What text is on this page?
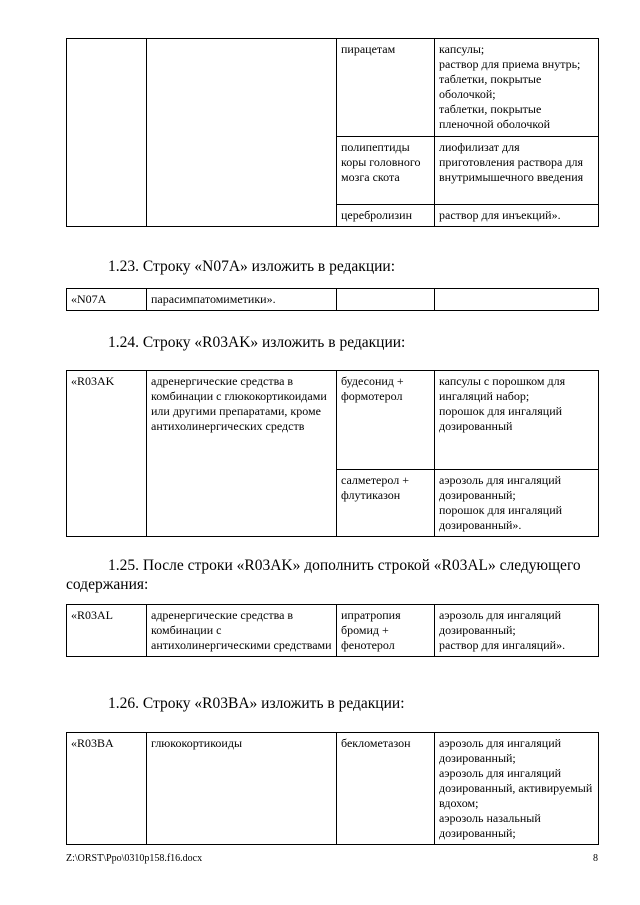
		пирацетам	капсулы;
раствор для приема внутрь;
таблетки, покрытые оболочкой;
таблетки, покрытые пленочной оболочкой
		полипептиды коры головного мозга скота	лиофилизат для приготовления раствора для внутримышечного введения
		церебролизин	раствор для инъекций».

1.23. Строку «N07A» изложить в редакции:

«N07A	парасимпатомиметики».		

1.24. Строку «R03AK» изложить в редакции:

«R03AK	адренергические средства в комбинации с глюкокортикоидами или другими препаратами, кроме антихолинергических средств	будесонид + формотерол	капсулы с порошком для ингаляций набор;
порошок для ингаляций дозированный
		салметерол + флутиказон	аэрозоль для ингаляций дозированный;
порошок для ингаляций дозированный».

1.25. После строки «R03AK» дополнить строкой «R03AL» следующего содержания:

«R03AL	адренергические средства в комбинации с антихолинергическими средствами	ипратропия бромид + фенотерол	аэрозоль для ингаляций дозированный;
раствор для ингаляций».

1.26. Строку «R03BA» изложить в редакции:

«R03BA	глюкокортикоиды	беклометазон	аэрозоль для ингаляций дозированный;
аэрозоль для ингаляций дозированный, активируемый вдохом;
аэрозоль назальный дозированный;
Z:\ORST\Ppo\0310p158.f16.docx	8
